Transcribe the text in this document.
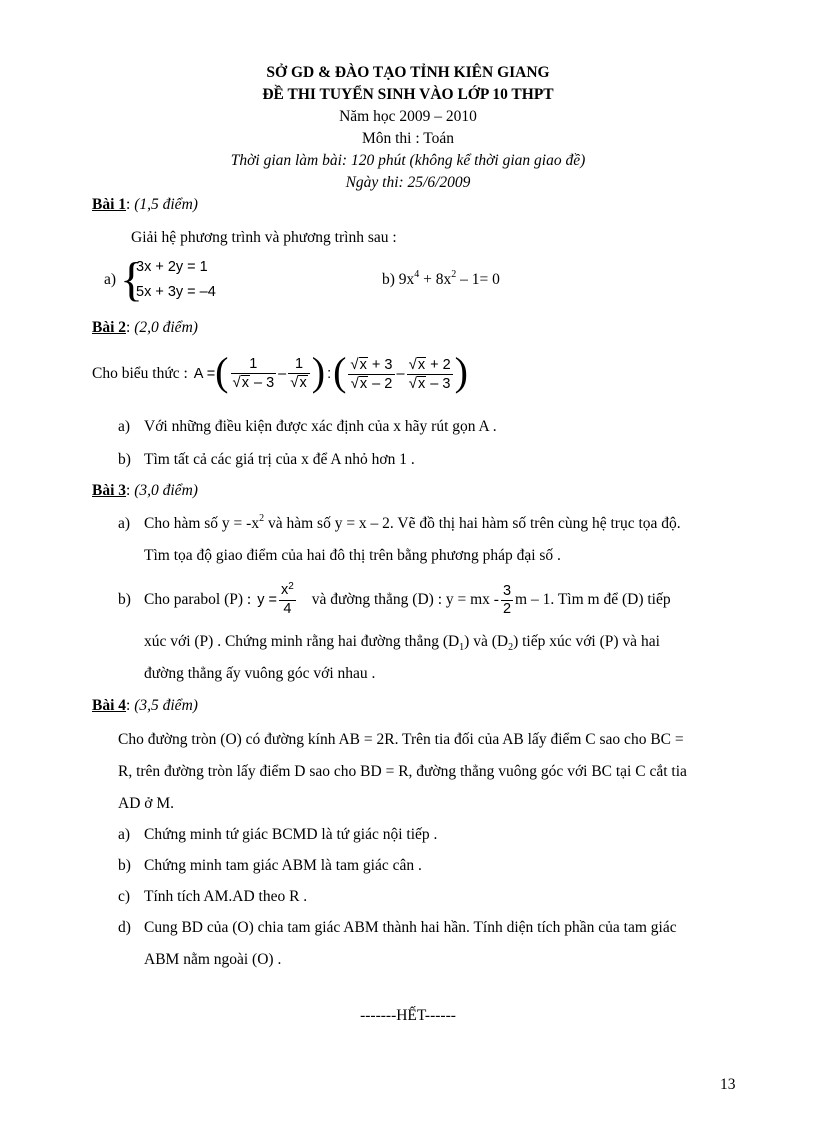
SỞ GD & ĐÀO TẠO TỈNH KIÊN GIANG
ĐỀ THI TUYỂN SINH VÀO LỚP 10 THPT
Năm học 2009 – 2010
Môn thi : Toán
Thời gian làm bài: 120 phút (không kể thời gian giao đề)
Ngày thi: 25/6/2009
Bài 1: (1,5 điểm)
Giải hệ phương trình và phương trình sau :
a) {
3x + 2y = 1
5x + 3y = –4
b) $9x^4 + 8x^2 - 1= 0$
Bài 2: (2,0 điểm)
Cho biểu thức : A = ( $\frac{1}{√x - 3} - \frac{1}{√x}$ ) : ( $\frac{√x + 3}{√x - 2} - \frac{√x + 2}{√x - 3}$ )
a) Với những điều kiện được xác định của x hãy rút gọn A .
b) Tìm tất cả các giá trị của x để A nhỏ hơn 1 .
Bài 3: (3,0 điểm)
a) Cho hàm số $y = -x^2$ và hàm số y = x – 2. Vẽ đồ thị hai hàm số trên cùng hệ trục tọa độ.
Tìm tọa độ giao điểm của hai đô thị trên bằng phương pháp đại số .
b) Cho parabol (P) : $y = \frac{x^2}{4}$ và đường thẳng (D) : y = mx - $\frac{3}{2}$ m – 1. Tìm m để (D) tiếp
xúc với (P) . Chứng minh rằng hai đường thẳng $(D_1)$ và $(D_2)$ tiếp xúc với (P) và hai
đường thẳng ấy vuông góc với nhau .
Bài 4: (3,5 điểm)
Cho đường tròn (O) có đường kính AB = 2R. Trên tia đối của AB lấy điểm C sao cho BC =
R, trên đường tròn lấy điểm D sao cho BD = R, đường thẳng vuông góc với BC tại C cắt tia
AD ở M.
a) Chứng minh tứ giác BCMD là tứ giác nội tiếp .
b) Chứng minh tam giác ABM là tam giác cân .
c) Tính tích AM.AD theo R .
d) Cung BD của (O) chia tam giác ABM thành hai hần. Tính diện tích phần của tam giác
ABM nằm ngoài (O) .
-------HẾT------
13
